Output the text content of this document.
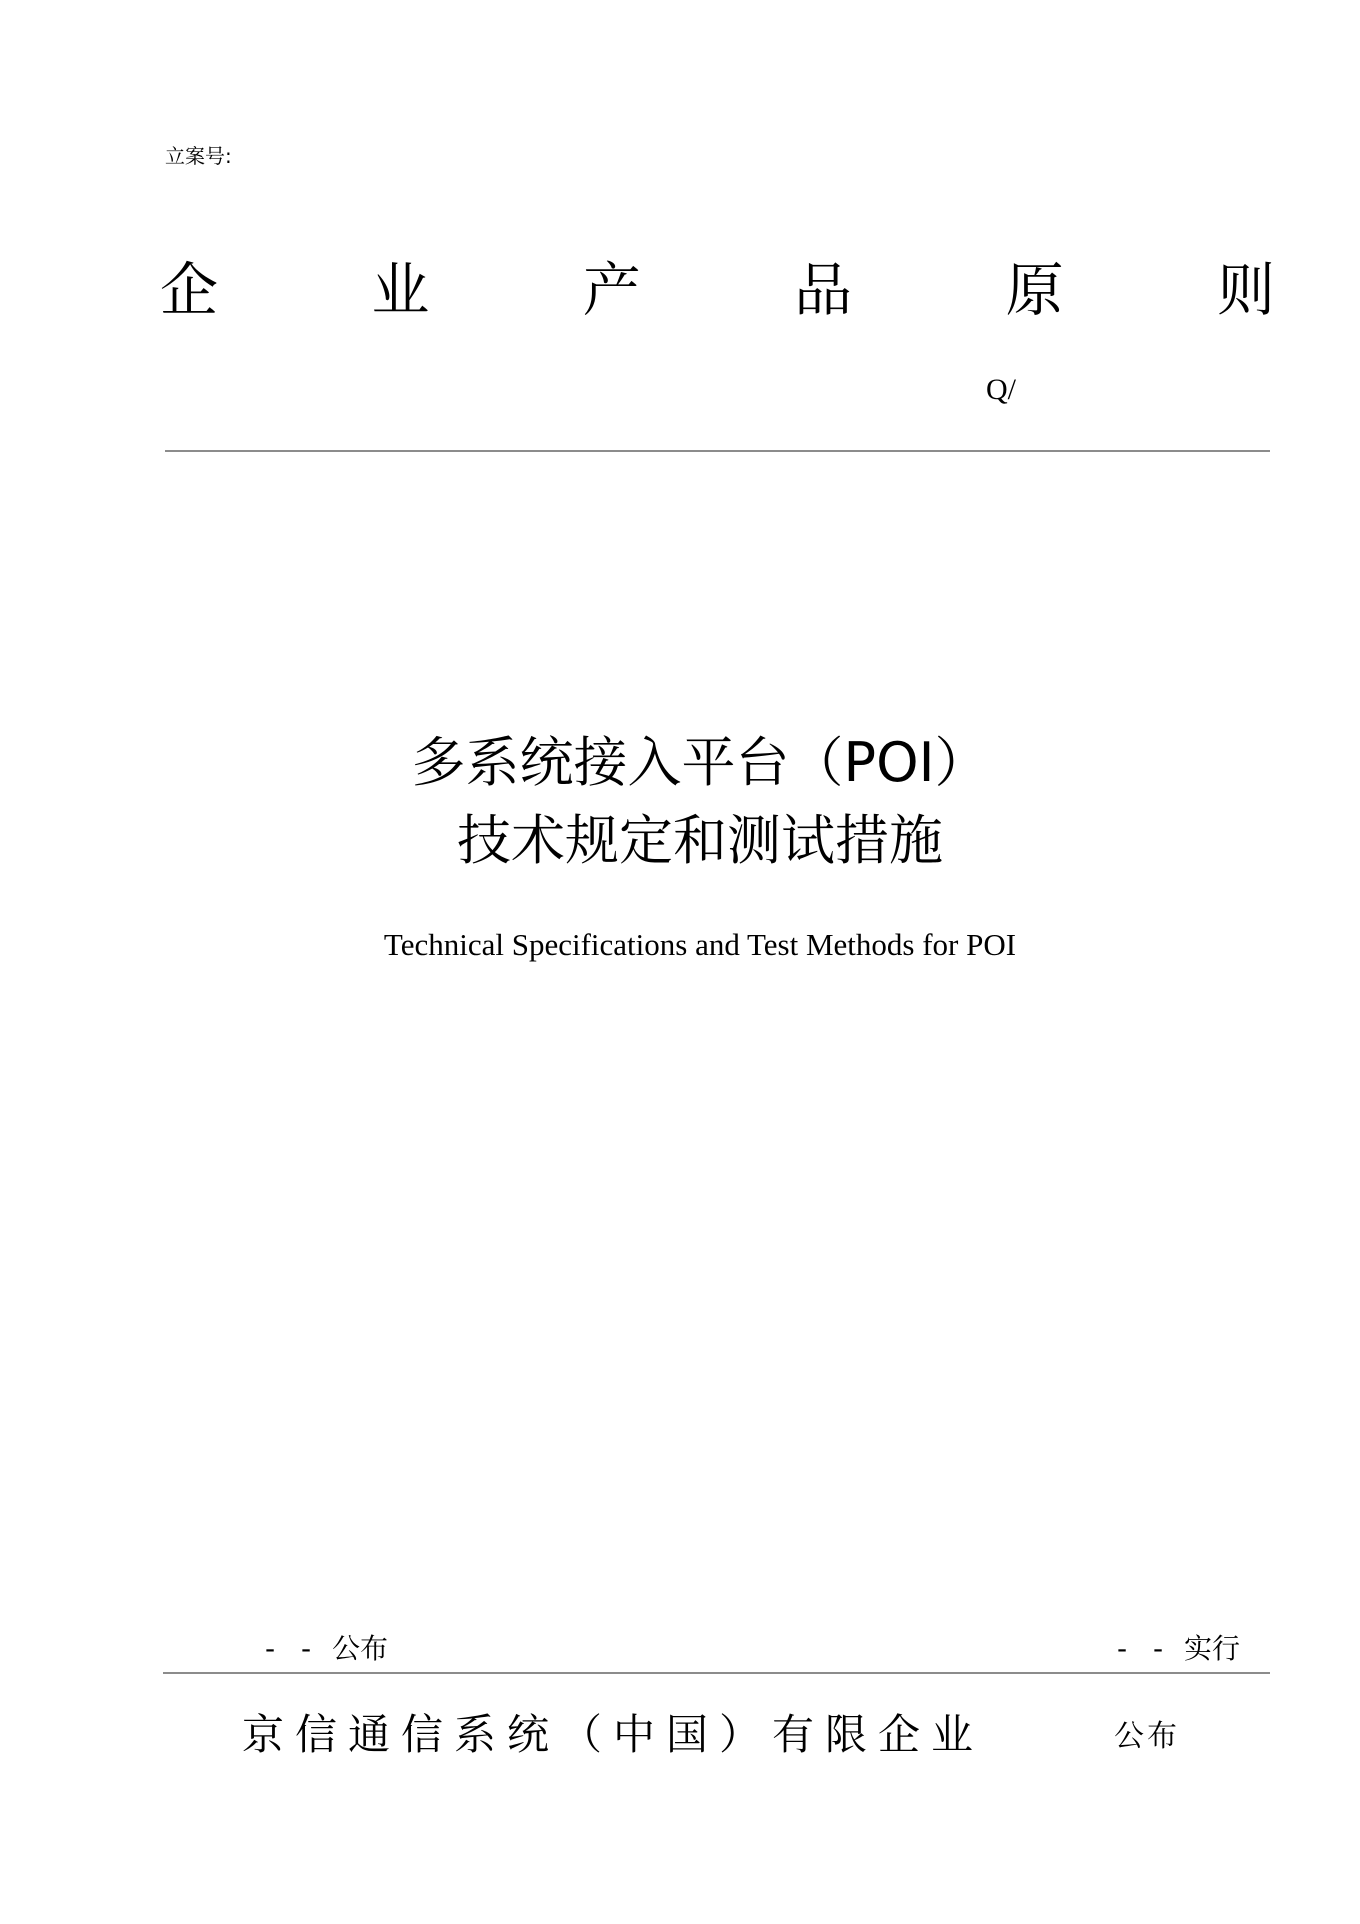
立案号:
企	业	产	品	原	则
Q/
多系统接入平台（POI）
技术规定和测试措施
Technical Specifications and Test Methods for POI
- - 公布	- - 实行
京信通信系统（中国）有限企业	公布
